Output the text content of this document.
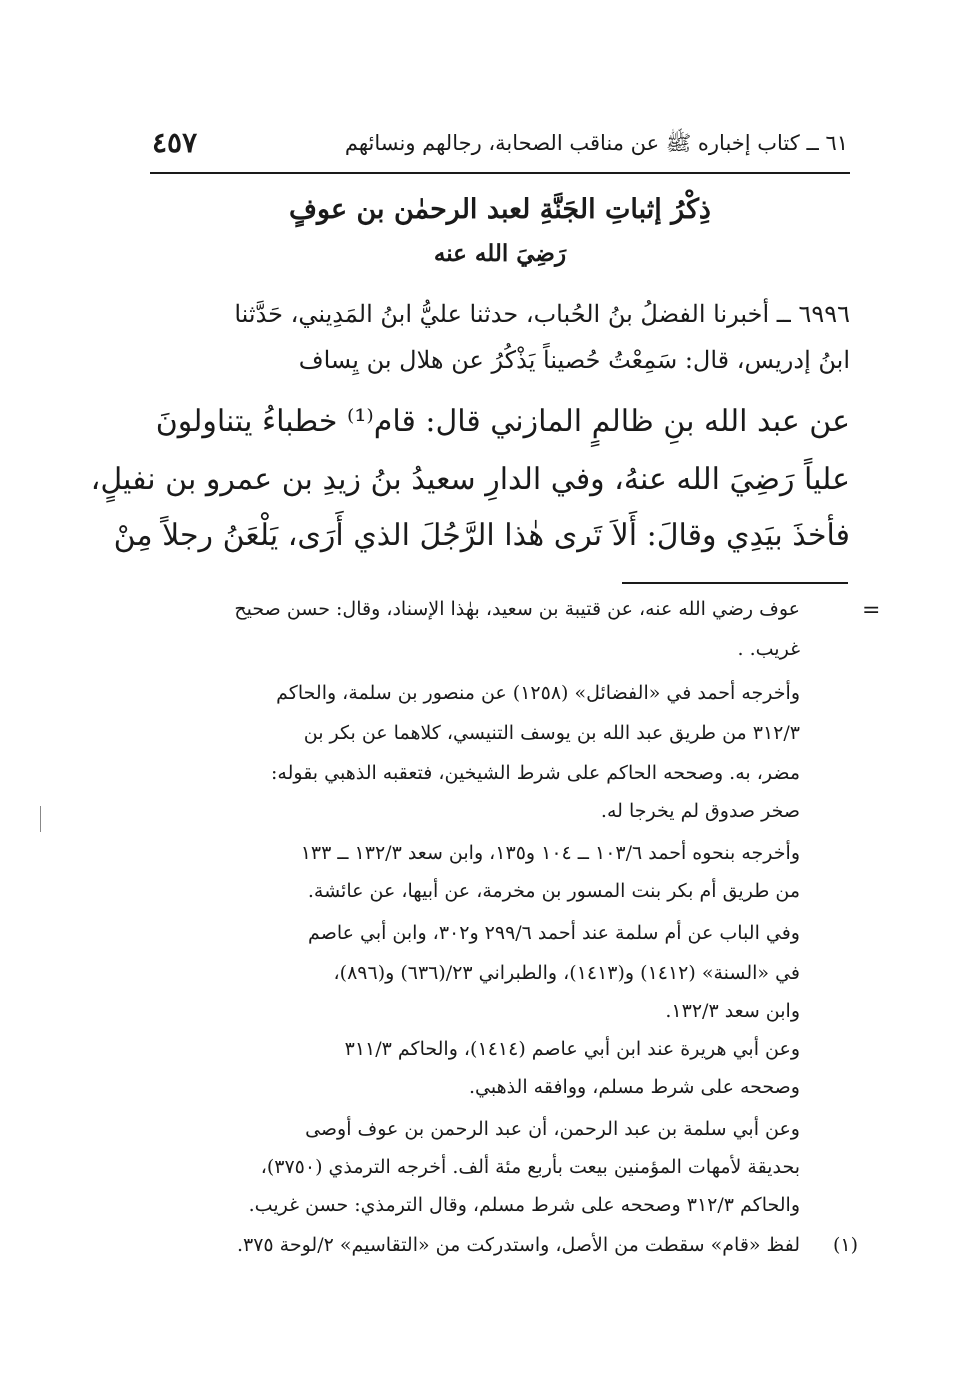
٦١ ــ كتاب إخباره ﷺ عن مناقب الصحابة، رجالهم ونسائهم
٤٥٧
ذِكْرُ إثباتِ الجَنَّةِ لعبد الرحمٰن بن عوفٍ
رَضِيَ الله عنه
٦٩٩٦ ــ أخبرنا الفضلُ بنُ الحُباب، حدثنا عليُّ ابنُ المَدِيني، حَدَّثنا
ابنُ إدريس، قال: سَمِعْتُ حُصيناً يَذْكُرُ عن هلال بن يِساف
عن عبد الله بنِ ظالمٍ المازني قال: قام⁽¹⁾ خطباءُ يتناولونَ
علياً رَضِيَ الله عنهُ، وفي الدارِ سعيدُ بنُ زيدِ بن عمرو بن نفيلٍ،
فأخذَ بيَدِي وقالَ: أَلاَ تَرى هٰذا الرَّجُلَ الذي أَرَى، يَلْعَنُ رجلاً مِنْ
=
عوف رضي الله عنه، عن قتيبة بن سعيد، بهٰذا الإسناد، وقال: حسن صحيح
غريب. .
وأخرجه أحمد في «الفضائل» (١٢٥٨) عن منصور بن سلمة، والحاكم
٣١٢/٣ من طريق عبد الله بن يوسف التنيسي، كلاهما عن بكر بن
مضر، به. وصححه الحاكم على شرط الشيخين، فتعقبه الذهبي بقوله:
صخر صدوق لم يخرجا له.
وأخرجه بنحوه أحمد ١٠٣/٦ ــ ١٠٤ و١٣٥، وابن سعد ١٣٢/٣ ــ ١٣٣
من طريق أم بكر بنت المسور بن مخرمة، عن أبيها، عن عائشة.
وفي الباب عن أم سلمة عند أحمد ٢٩٩/٦ و٣٠٢، وابن أبي عاصم
في «السنة» (١٤١٢) و(١٤١٣)، والطبراني ٢٣/(٦٣٦) و(٨٩٦)،
وابن سعد ١٣٢/٣.
وعن أبي هريرة عند ابن أبي عاصم (١٤١٤)، والحاكم ٣١١/٣
وصححه على شرط مسلم، ووافقه الذهبي.
وعن أبي سلمة بن عبد الرحمن، أن عبد الرحمن بن عوف أوصى
بحديقة لأمهات المؤمنين بيعت بأربع مئة ألف. أخرجه الترمذي (٣٧٥٠)،
والحاكم ٣١٢/٣ وصححه على شرط مسلم، وقال الترمذي: حسن غريب.
(١)
لفظ «قام» سقطت من الأصل، واستدركت من «التقاسيم» ٢/لوحة ٣٧٥.
